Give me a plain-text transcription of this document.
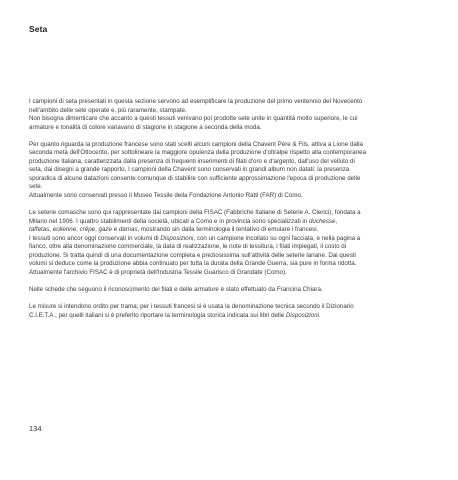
Seta

I campioni di seta presentati in questa sezione servono ad esemplificare la produzione del primo ventennio del Novecento
nell'ambito delle sete operate e, più raramente, stampate.
Non bisogna dimenticare che accanto a questi tessuti venivano poi prodotte sete unite in quantità molto superiore, le cui
armature e tonalità di colore variavano di stagione in stagione a seconda della moda.

Per quanto riguarda la produzione francese sono stati scelti alcuni campioni della Chavent Père & Fils, attiva a Lione dalla
seconda metà dell'Ottocento, per sottolineare la maggiore opulenza della produzione d'oltralpe rispetto alla contemporanea
produzione italiana, caratterizzata dalla presenza di frequenti inserimenti di filati d'oro e d'argento, dall'uso del velluto di
seta, dai disegni a grande rapporto. I campioni della Chavent sono conservati in grandi album non datati: la presenza
sporadica di alcune datazioni consente comunque di stabilire con sufficiente approssimazione l'epoca di produzione delle
sete.
Attualmente sono conservati presso il Museo Tessile della Fondazione Antonio Ratti (FAR) di Como.

Le seterie comasche sono qui rappresentate dai campioni della FISAC (Fabbriche Italiane di Seterie A. Clerici), fondata a
Milano nel 1906. I quattro stabilimenti della società, ubicati a Como e in provincia sono specializzati in duchesse,
taffetas, eolienne, crêpe, gaze e damas, mostrando sin dalla terminologia il tentativo di emulare i francesi.
I tessuti sono ancor oggi conservati in volumi di Disposizioni, con un campione incollato su ogni facciata, e nella pagina a
fianco, oltre alla denominazione commerciale, la data di realizzazione, le note di tessitura, i filati impiegati, il costo di
produzione. Si tratta quindi di una documentazione completa e preziosissima sull'attività delle seterie lariane. Dai questi
volumi si deduce come la produzione abbia continuato per tutta la durata della Grande Guerra, sia pure in forma ridotta.
Attualmente l'archivio FISAC è di proprietà dell'Industria Tessile Guarisco di Grandate (Como).

Nelle schede che seguono il riconoscimento dei filati e delle armature è stato effettuato da Francina Chiara.

Le misure si intendono ordito per trama; per i tessuti francesi si è usata la denominazione tecnica secondo il Dizionario
C.I.E.T.A., per quelli italiani si è preferito riportare la terminologia storica indicata sui libri delle Disposizioni.

134
